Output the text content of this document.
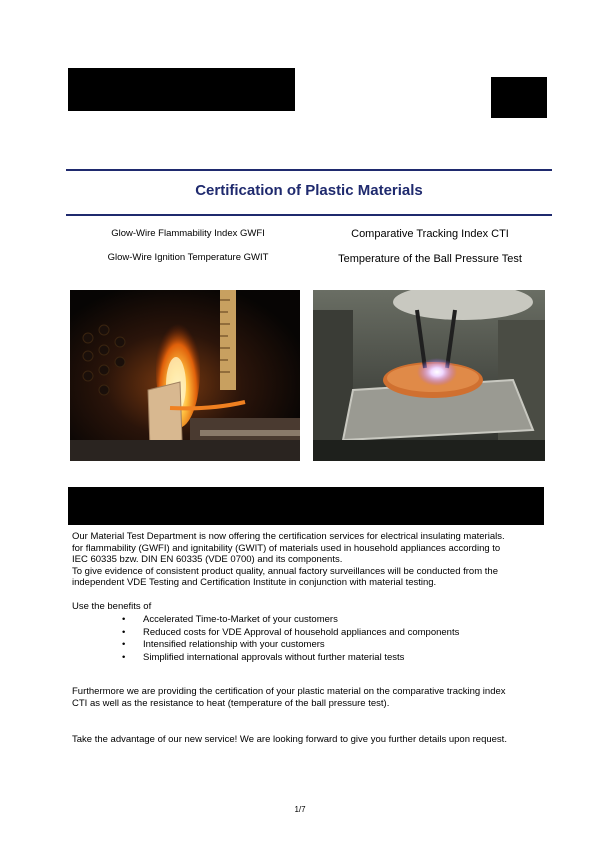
Certification of Plastic Materials
Glow-Wire Flammability Index GWFI
Glow-Wire Ignition Temperature GWIT
Comparative Tracking Index CTI
Temperature of the Ball Pressure Test
Our Material Test Department is now offering the certification services for electrical insulating materials.
for flammability (GWFI) and ignitability (GWIT) of materials used in household appliances according to
IEC 60335 bzw. DIN EN 60335 (VDE 0700) and its components.
To give evidence of consistent product quality, annual factory surveillances will be conducted from the
independent VDE Testing and Certification Institute in conjunction with material testing.
Use the benefits of
• Accelerated Time-to-Market of your customers
• Reduced costs for VDE Approval of household appliances and components
• Intensified relationship with your customers
• Simplified international approvals without further material tests
Furthermore we are providing the certification of your plastic material on the comparative tracking index
CTI as well as the resistance to heat (temperature of the ball pressure test).
Take the advantage of our new service! We are looking forward to give you further details upon request.
1/7
